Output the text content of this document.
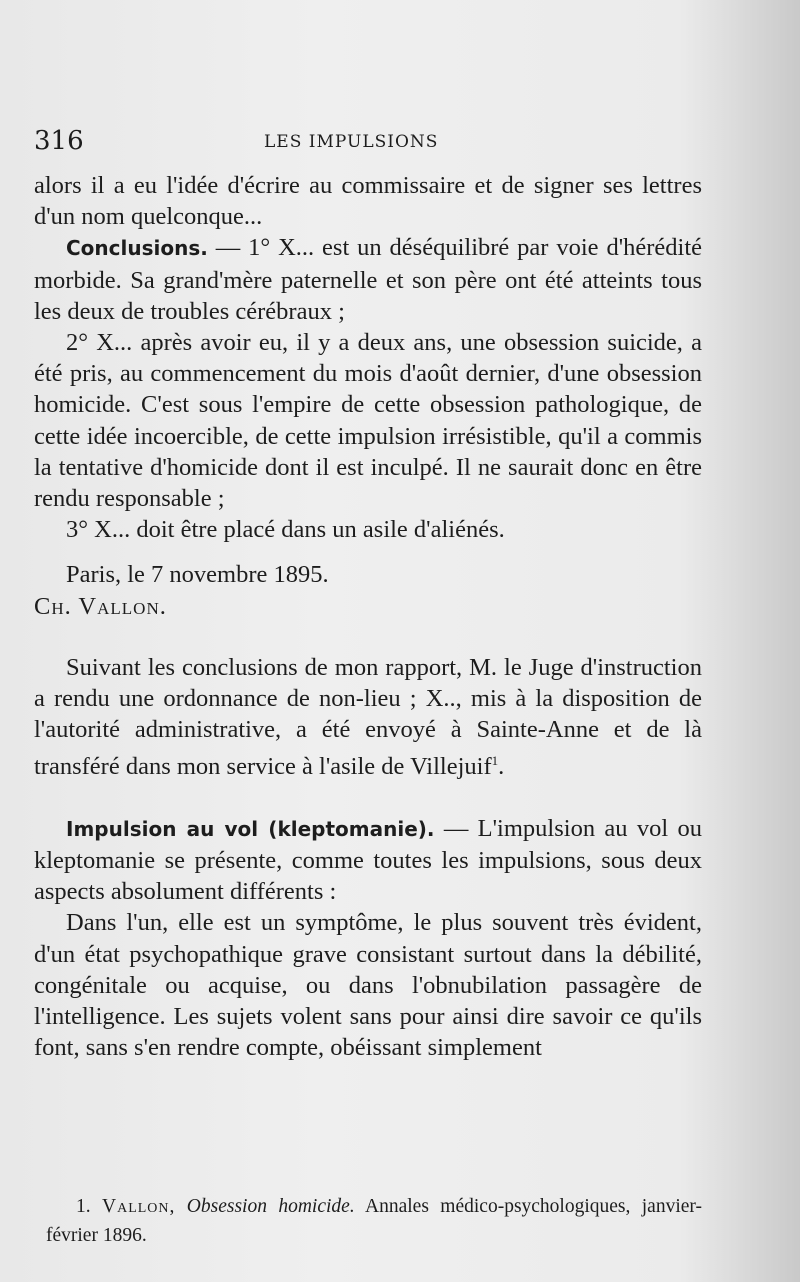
316	LES IMPULSIONS

alors il a eu l'idée d'écrire au commissaire et de signer ses lettres d'un nom quelconque...

Conclusions. — 1° X... est un déséquilibré par voie d'hérédité morbide. Sa grand'mère paternelle et son père ont été atteints tous les deux de troubles cérébraux ;

2° X... après avoir eu, il y a deux ans, une obsession suicide, a été pris, au commencement du mois d'août dernier, d'une obsession homicide. C'est sous l'empire de cette obsession pathologique, de cette idée incoercible, de cette impulsion irrésistible, qu'il a commis la tentative d'homicide dont il est inculpé. Il ne saurait donc en être rendu responsable ;

3° X... doit être placé dans un asile d'aliénés.

Paris, le 7 novembre 1895.

Ch. Vallon.

Suivant les conclusions de mon rapport, M. le Juge d'instruction a rendu une ordonnance de non-lieu ; X.., mis à la disposition de l'autorité administrative, a été envoyé à Sainte-Anne et de là transféré dans mon service à l'asile de Villejuif$^1$.

Impulsion au vol (kleptomanie). — L'impulsion au vol ou kleptomanie se présente, comme toutes les impulsions, sous deux aspects absolument différents :

Dans l'un, elle est un symptôme, le plus souvent très évident, d'un état psychopathique grave consistant surtout dans la débilité, congénitale ou acquise, ou dans l'obnubilation passagère de l'intelligence. Les sujets volent sans pour ainsi dire savoir ce qu'ils font, sans s'en rendre compte, obéissant simplement

1. Vallon, Obsession homicide. Annales médico-psychologiques, janvier-février 1896.
